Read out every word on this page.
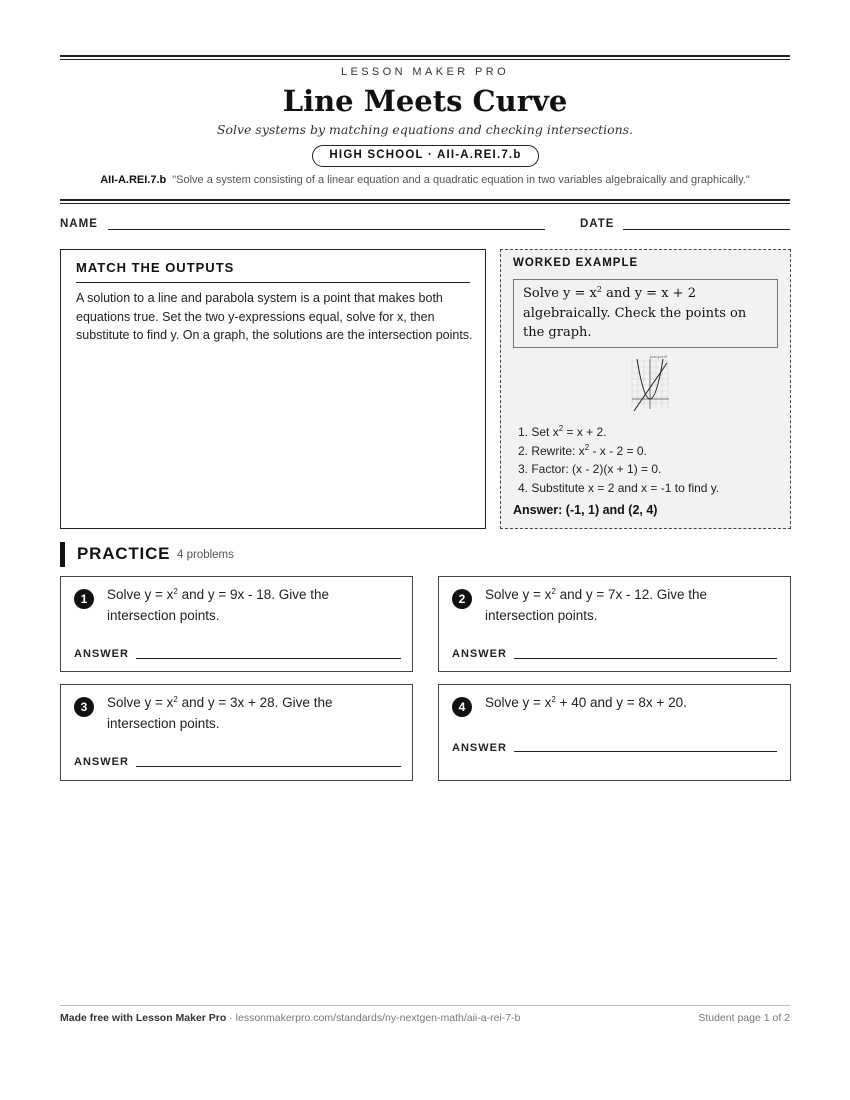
LESSON MAKER PRO
Line Meets Curve
Solve systems by matching equations and checking intersections.
HIGH SCHOOL · AII-A.REI.7.b
AII-A.REI.7.b "Solve a system consisting of a linear equation and a quadratic equation in two variables algebraically and graphically."
NAME	DATE
MATCH THE OUTPUTS

A solution to a line and parabola system is a point that makes both equations true. Set the two y-expressions equal, solve for x, then substitute to find y. On a graph, the solutions are the intersection points.

WORKED EXAMPLE
Solve $y = x^2$ and y = x + 2 algebraically. Check the points on the graph.
y=x²,y=x+2
1. Set $x^2 = x + 2$.
2. Rewrite: $x^2 - x - 2 = 0$.
3. Factor: (x - 2)(x + 1) = 0.
4. Substitute x = 2 and x = -1 to find y.
Answer: (-1, 1) and (2, 4)
PRACTICE 4 problems
1	Solve $y = x^2$ and y = 9x - 18. Give the intersection points.
ANSWER
2	Solve $y = x^2$ and y = 7x - 12. Give the intersection points.
ANSWER
3	Solve $y = x^2$ and y = 3x + 28. Give the intersection points.
ANSWER
4	Solve $y = x^2 + 40$ and y = 8x + 20.
ANSWER
Made free with Lesson Maker Pro · lessonmakerpro.com/standards/ny-nextgen-math/aii-a-rei-7-b	Student page 1 of 2
